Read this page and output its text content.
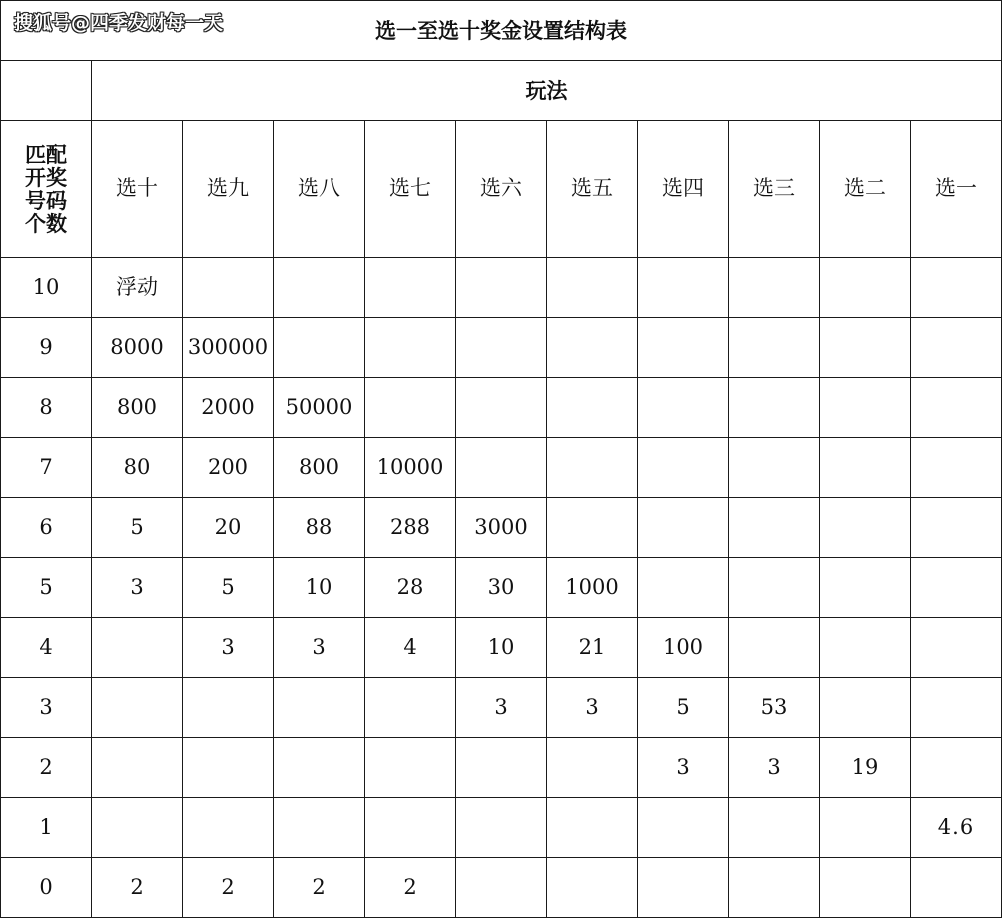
搜狐号@四季发财每一天	选一至选十奖金设置结构表										
	玩法									

匹配
开奖
号码
个数	选十	选九	选八	选七	选六	选五	选四	选三	选二	选一
10	浮动									
9	8000	300000								
8	800	2000	50000							
7	80	200	800	10000						
6	5	20	88	288	3000					
5	3	5	10	28	30	1000				
4		3	3	4	10	21	100			
3					3	3	5	53		
2							3	3	19	
1										4.6
0	2	2	2	2						
